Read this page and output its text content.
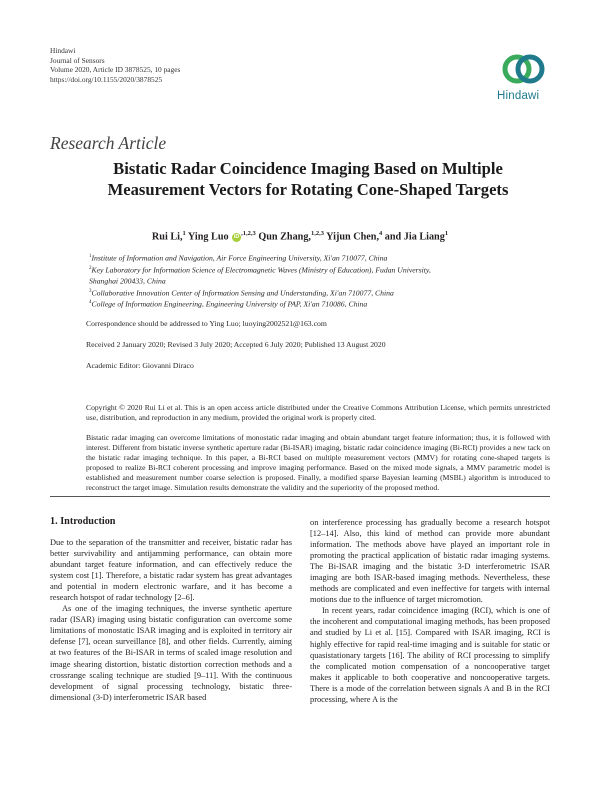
Hindawi
Journal of Sensors
Volume 2020, Article ID 3878525, 10 pages
https://doi.org/10.1155/2020/3878525
Hindawi
Research Article
Bistatic Radar Coincidence Imaging Based on Multiple Measurement Vectors for Rotating Cone-Shaped Targets
Rui Li,$^1$ Ying Luo iD $^{,1,2,3}$ Qun Zhang,$^{1,2,3}$ Yijun Chen,$^4$ and Jia Liang$^1$
$^1$Institute of Information and Navigation, Air Force Engineering University, Xi'an 710077, China
$^2$Key Laboratory for Information Science of Electromagnetic Waves (Ministry of Education), Fudan University,
Shanghai 200433, China
$^3$Collaborative Innovation Center of Information Sensing and Understanding, Xi'an 710077, China
$^4$College of Information Engineering, Engineering University of PAP, Xi'an 710086, China
Correspondence should be addressed to Ying Luo; luoying2002521@163.com
Received 2 January 2020; Revised 3 July 2020; Accepted 6 July 2020; Published 13 August 2020
Academic Editor: Giovanni Diraco
Copyright © 2020 Rui Li et al. This is an open access article distributed under the Creative Commons Attribution License, which permits unrestricted use, distribution, and reproduction in any medium, provided the original work is properly cited.
Bistatic radar imaging can overcome limitations of monostatic radar imaging and obtain abundant target feature information; thus, it is followed with interest. Different from bistatic inverse synthetic aperture radar (Bi-ISAR) imaging, bistatic radar coincidence imaging (Bi-RCI) provides a new tack on the bistatic radar imaging technique. In this paper, a Bi-RCI based on multiple measurement vectors (MMV) for rotating cone-shaped targets is proposed to realize Bi-RCI coherent processing and improve imaging performance. Based on the mixed mode signals, a MMV parametric model is established and measurement number coarse selection is proposed. Finally, a modified sparse Bayesian learning (MSBL) algorithm is introduced to reconstruct the target image. Simulation results demonstrate the validity and the superiority of the proposed method.
1. Introduction

Due to the separation of the transmitter and receiver, bistatic radar has better survivability and antijamming performance, can obtain more abundant target feature information, and can effectively reduce the system cost [1]. Therefore, a bistatic radar system has great advantages and potential in modern electronic warfare, and it has become a research hotspot of radar technology [2–6].

As one of the imaging techniques, the inverse synthetic aperture radar (ISAR) imaging using bistatic configuration can overcome some limitations of monostatic ISAR imaging and is exploited in territory air defense [7], ocean surveillance [8], and other fields. Currently, aiming at two features of the Bi-ISAR in terms of scaled image resolution and image shearing distortion, bistatic distortion correction methods and a crossrange scaling technique are studied [9–11]. With the continuous development of signal processing technology, bistatic three-dimensional (3-D) interferometric ISAR based

on interference processing has gradually become a research hotspot [12–14]. Also, this kind of method can provide more abundant information. The methods above have played an important role in promoting the practical application of bistatic radar imaging systems. The Bi-ISAR imaging and the bistatic 3-D interferometric ISAR imaging are both ISAR-based imaging methods. Nevertheless, these methods are complicated and even ineffective for targets with internal motions due to the influence of target micromotion.

In recent years, radar coincidence imaging (RCI), which is one of the incoherent and computational imaging methods, has been proposed and studied by Li et al. [15]. Compared with ISAR imaging, RCI is highly effective for rapid real-time imaging and is suitable for static or quasistationary targets [16]. The ability of RCI processing to simplify the complicated motion compensation of a noncooperative target makes it applicable to both cooperative and noncooperative targets. There is a mode of the correlation between signals A and B in the RCI processing, where A is the
